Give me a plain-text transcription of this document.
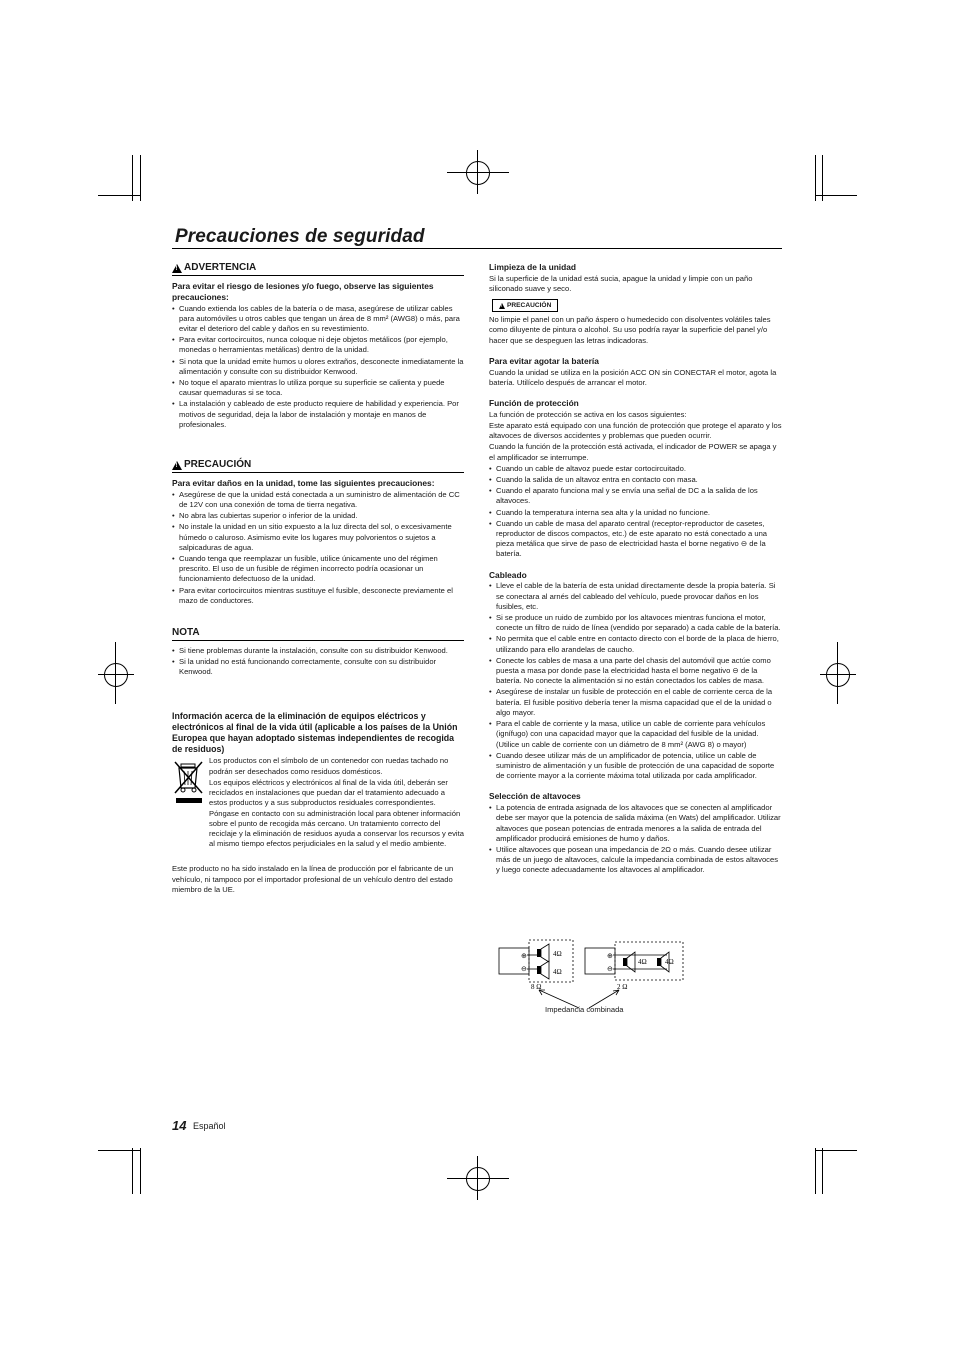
Precauciones de seguridad
!
ADVERTENCIA
Para evitar el riesgo de lesiones y/o fuego, observe las siguientes precauciones:
• Cuando extienda los cables de la batería o de masa, asegúrese de utilizar cables para automóviles u otros cables que tengan un área de 8 mm² (AWG8) o más, para evitar el deterioro del cable y daños en su revestimiento.
• Para evitar cortocircuitos, nunca coloque ni deje objetos metálicos (por ejemplo, monedas o herramientas metálicas) dentro de la unidad.
• Si nota que la unidad emite humos u olores extraños, desconecte inmediatamente la alimentación y consulte con su distribuidor Kenwood.
• No toque el aparato mientras lo utiliza porque su superficie se calienta y puede causar quemaduras si se toca.
• La instalación y cableado de este producto requiere de habilidad y experiencia. Por motivos de seguridad, deja la labor de instalación y montaje en manos de profesionales.
!
PRECAUCIÓN
Para evitar daños en la unidad, tome las siguientes precauciones:
• Asegúrese de que la unidad está conectada a un suministro de alimentación de CC de 12V con una conexión de toma de tierra negativa.
• No abra las cubiertas superior o inferior de la unidad.
• No instale la unidad en un sitio expuesto a la luz directa del sol, o excesivamente húmedo o caluroso. Asimismo evite los lugares muy polvorientos o sujetos a salpicaduras de agua.
• Cuando tenga que reemplazar un fusible, utilice únicamente uno del régimen prescrito. El uso de un fusible de régimen incorrecto podría ocasionar un funcionamiento defectuoso de la unidad.
• Para evitar cortocircuitos mientras sustituye el fusible, desconecte previamente el mazo de conductores.
NOTA
• Si tiene problemas durante la instalación, consulte con su distribuidor Kenwood.
• Si la unidad no está funcionando correctamente, consulte con su distribuidor Kenwood.
Información acerca de la eliminación de equipos eléctricos y electrónicos al final de la vida útil (aplicable a los países de la Unión Europea que hayan adoptado sistemas independientes de recogida de residuos)

Los productos con el símbolo de un contenedor con ruedas tachado no podrán ser desechados como residuos domésticos.

Los equipos eléctricos y electrónicos al final de la vida útil, deberán ser reciclados en instalaciones que puedan dar el tratamiento adecuado a estos productos y a sus subproductos residuales correspondientes. Póngase en contacto con su administración local para obtener información sobre el punto de recogida más cercano. Un tratamiento correcto del reciclaje y la eliminación de residuos ayuda a conservar los recursos y evita al mismo tiempo efectos perjudiciales en la salud y el medio ambiente.

Este producto no ha sido instalado en la línea de producción por el fabricante de un vehículo, ni tampoco por el importador profesional de un vehículo dentro del estado miembro de la UE.

Limpieza de la unidad

Si la superficie de la unidad está sucia, apague la unidad y limpie con un paño siliconado suave y seco.

!
PRECAUCIÓN

No limpie el panel con un paño áspero o humedecido con disolventes volátiles tales como diluyente de pintura o alcohol. Su uso podría rayar la superficie del panel y/o hacer que se despeguen las letras indicadoras.

Para evitar agotar la batería

Cuando la unidad se utiliza en la posición ACC ON sin CONECTAR el motor, agota la batería. Utilícelo después de arrancar el motor.

Función de protección

La función de protección se activa en los casos siguientes:

Este aparato está equipado con una función de protección que protege el aparato y los altavoces de diversos accidentes y problemas que pueden ocurrir.

Cuando la función de la protección está activada, el indicador de POWER se apaga y el amplificador se interrumpe.

• Cuando un cable de altavoz puede estar cortocircuitado.
• Cuando la salida de un altavoz entra en contacto con masa.
• Cuando el aparato funciona mal y se envía una señal de DC a la salida de los altavoces.
• Cuando la temperatura interna sea alta y la unidad no funcione.
• Cuando un cable de masa del aparato central (receptor-reproductor de casetes, reproductor de discos compactos, etc.) de este aparato no está conectado a una pieza metálica que sirve de paso de electricidad hasta el borne negativo ⊖ de la batería.
Cableado
• Lleve el cable de la batería de esta unidad directamente desde la propia batería. Si se conectara al arnés del cableado del vehículo, puede provocar daños en los fusibles, etc.
• Si se produce un ruido de zumbido por los altavoces mientras funciona el motor, conecte un filtro de ruido de línea (vendido por separado) a cada cable de la batería.
• No permita que el cable entre en contacto directo con el borde de la placa de hierro, utilizando para ello arandelas de caucho.
• Conecte los cables de masa a una parte del chasis del automóvil que actúe como puesta a masa por donde pase la electricidad hasta el borne negativo ⊖ de la batería. No conecte la alimentación si no están conectados los cables de masa.
• Asegúrese de instalar un fusible de protección en el cable de corriente cerca de la batería. El fusible positivo debería tener la misma capacidad que el de la unidad o algo mayor.
• Para el cable de corriente y la masa, utilice un cable de corriente para vehículos (ignífugo) con una capacidad mayor que la capacidad del fusible de la unidad. (Utilice un cable de corriente con un diámetro de 8 mm² (AWG 8) o mayor)
• Cuando desee utilizar más de un amplificador de potencia, utilice un cable de suministro de alimentación y un fusible de protección de una capacidad de soporte de corriente mayor a la corriente máxima total utilizada por cada amplificador.
Selección de altavoces
• La potencia de entrada asignada de los altavoces que se conecten al amplificador debe ser mayor que la potencia de salida máxima (en Wats) del amplificador. Utilizar altavoces que posean potencias de entrada menores a la salida de entrada del amplificador producirá emisiones de humo y daños.
• Utilice altavoces que posean una impedancia de 2Ω o más. Cuando desee utilizar más de un juego de altavoces, calcule la impedancia combinada de estos altavoces y luego conecte adecuadamente los altavoces al amplificador.
⊕
⊖
4Ω
4Ω
8 Ω
⊕
⊖
4Ω	4Ω
2 Ω
Impedancia combinada
14 Español
